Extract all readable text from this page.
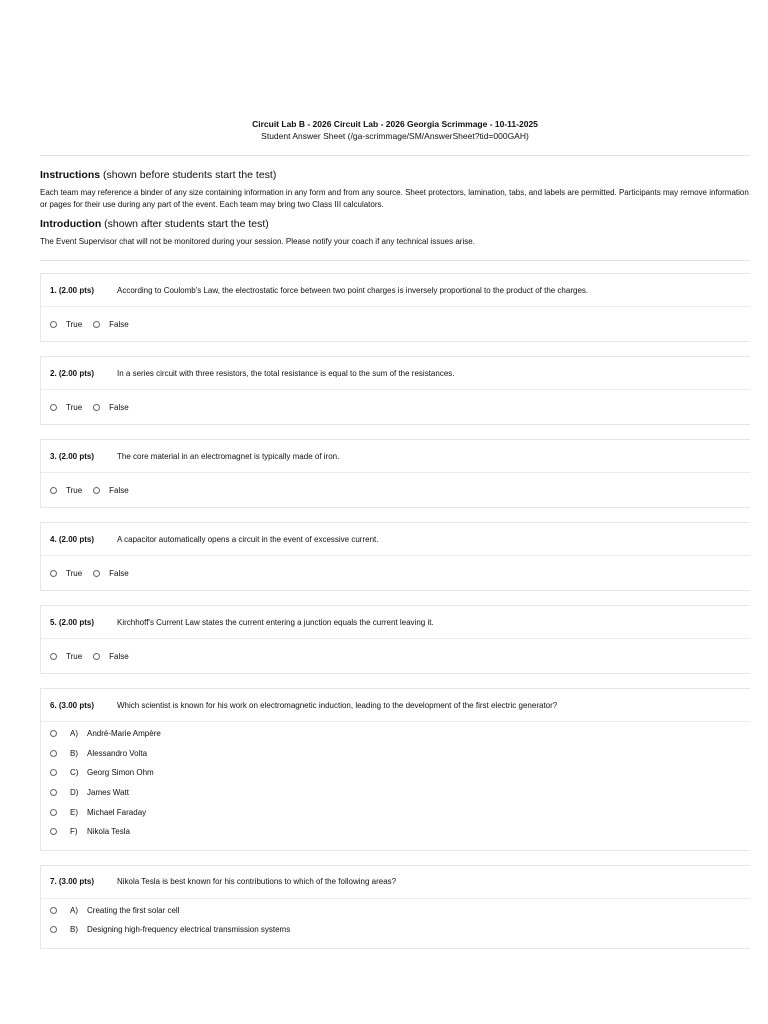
Circuit Lab B - 2026 Circuit Lab - 2026 Georgia Scrimmage - 10-11-2025
Student Answer Sheet (/ga-scrimmage/SM/AnswerSheet?tid=000GAH)
Instructions (shown before students start the test)
Each team may reference a binder of any size containing information in any form and from any source. Sheet protectors, lamination, tabs, and labels are permitted. Participants may remove information or pages for their use during any part of the event. Each team may bring two Class III calculators.
Introduction (shown after students start the test)
The Event Supervisor chat will not be monitored during your session. Please notify your coach if any technical issues arise.
1. (2.00 pts)	According to Coulomb's Law, the electrostatic force between two point charges is inversely proportional to the product of the charges.
True	False
2. (2.00 pts)	In a series circuit with three resistors, the total resistance is equal to the sum of the resistances.
True	False
3. (2.00 pts)	The core material in an electromagnet is typically made of iron.
True	False
4. (2.00 pts)	A capacitor automatically opens a circuit in the event of excessive current.
True	False
5. (2.00 pts)	Kirchhoff's Current Law states the current entering a junction equals the current leaving it.
True	False
6. (3.00 pts)	Which scientist is known for his work on electromagnetic induction, leading to the development of the first electric generator?
A)	André-Marie Ampère
B)	Alessandro Volta
C)	Georg Simon Ohm
D)	James Watt
E)	Michael Faraday
F)	Nikola Tesla
7. (3.00 pts)	Nikola Tesla is best known for his contributions to which of the following areas?
A)	Creating the first solar cell
B)	Designing high-frequency electrical transmission systems
